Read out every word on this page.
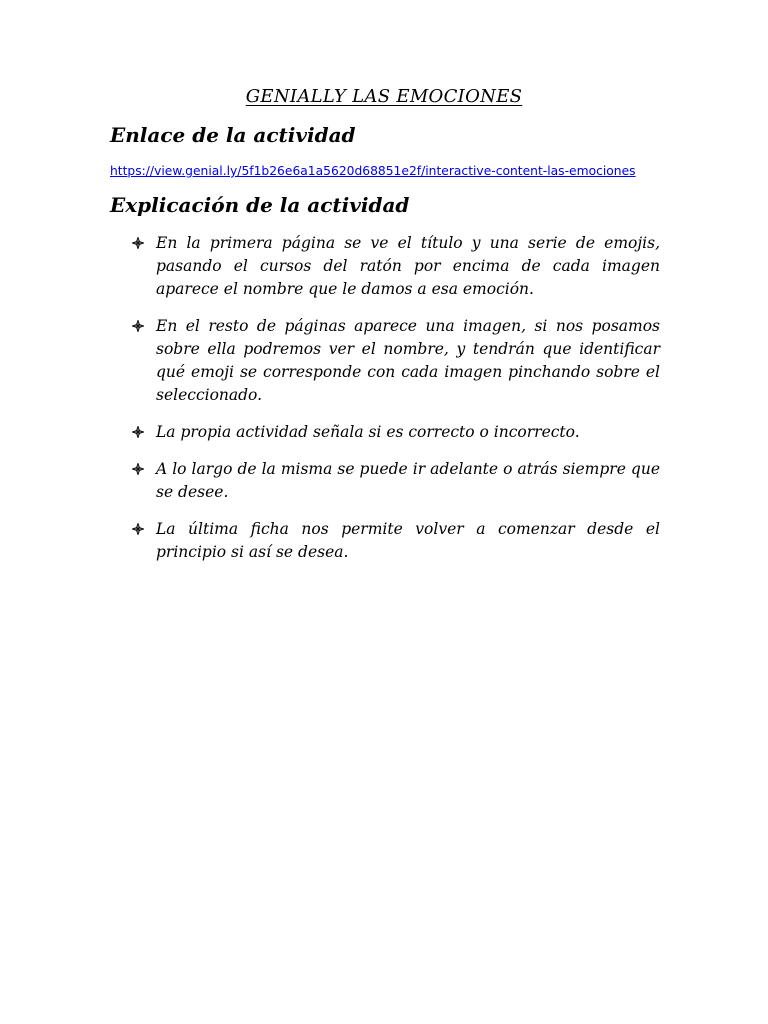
GENIALLY LAS EMOCIONES
Enlace de la actividad
https://view.genial.ly/5f1b26e6a1a5620d68851e2f/interactive-content-las-emociones
Explicación de la actividad
En la primera página se ve el título y una serie de emojis, pasando el cursos del ratón por encima de cada imagen aparece el nombre que le damos a esa emoción.
En el resto de páginas aparece una imagen, si nos posamos sobre ella podremos ver el nombre, y tendrán que identificar qué emoji se corresponde con cada imagen pinchando sobre el seleccionado.
La propia actividad señala si es correcto o incorrecto.
A lo largo de la misma se puede ir adelante o atrás siempre que se desee.
La última ficha nos permite volver a comenzar desde el principio si así se desea.
